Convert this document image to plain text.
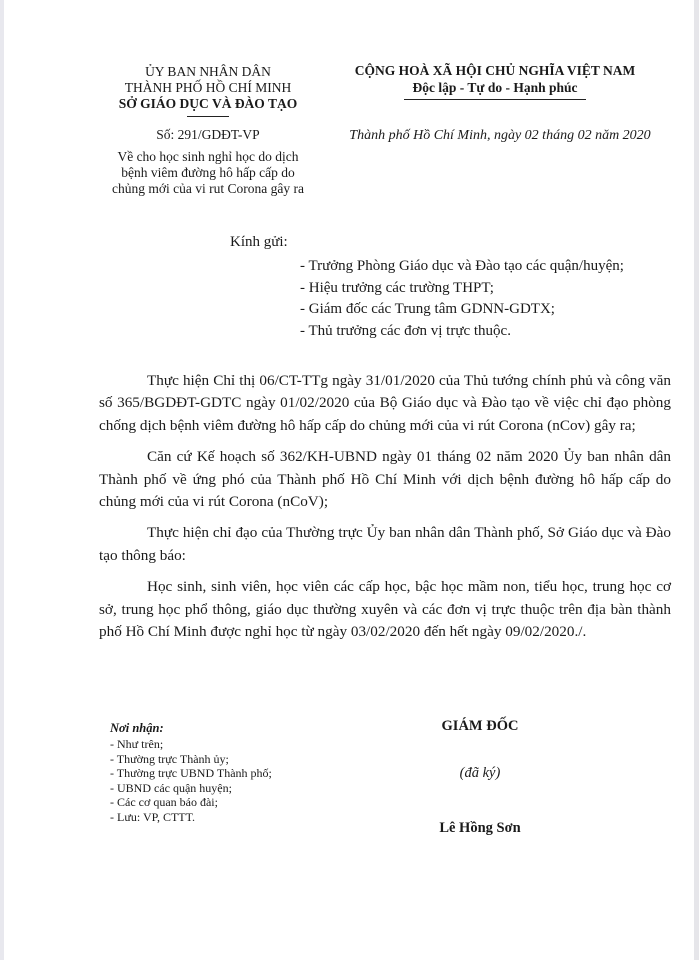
ỦY BAN NHÂN DÂN
THÀNH PHỐ HỒ CHÍ MINH
SỞ GIÁO DỤC VÀ ĐÀO TẠO
Số: 291/GDĐT-VP
Về cho học sinh nghỉ học do dịch
bệnh viêm đường hô hấp cấp do
chủng mới của vi rut Corona gây ra
CỘNG HOÀ XÃ HỘI CHỦ NGHĨA VIỆT NAM
Độc lập - Tự do - Hạnh phúc
Thành phố Hồ Chí Minh, ngày 02 tháng 02 năm 2020
Kính gửi:
- Trưởng Phòng Giáo dục và Đào tạo các quận/huyện;
- Hiệu trưởng các trường THPT;
- Giám đốc các Trung tâm GDNN-GDTX;
- Thủ trưởng các đơn vị trực thuộc.

Thực hiện Chỉ thị 06/CT-TTg ngày 31/01/2020 của Thủ tướng chính phủ và công văn số 365/BGDĐT-GDTC ngày 01/02/2020 của Bộ Giáo dục và Đào tạo về việc chỉ đạo phòng chống dịch bệnh viêm đường hô hấp cấp do chủng mới của vi rút Corona (nCov) gây ra;

Căn cứ Kế hoạch số 362/KH-UBND ngày 01 tháng 02 năm 2020 Ủy ban nhân dân Thành phố về ứng phó của Thành phố Hồ Chí Minh với dịch bệnh đường hô hấp cấp do chủng mới của vi rút Corona (nCoV);

Thực hiện chỉ đạo của Thường trực Ủy ban nhân dân Thành phố, Sở Giáo dục và Đào tạo thông báo:

Học sinh, sinh viên, học viên các cấp học, bậc học mầm non, tiểu học, trung học cơ sở, trung học phổ thông, giáo dục thường xuyên và các đơn vị trực thuộc trên địa bàn thành phố Hồ Chí Minh được nghỉ học từ ngày 03/02/2020 đến hết ngày 09/02/2020./.

Nơi nhận:
- Như trên;
- Thường trực Thành ủy;
- Thường trực UBND Thành phố;
- UBND các quận huyện;
- Các cơ quan báo đài;
- Lưu: VP, CTTT.
GIÁM ĐỐC
(đã ký)
Lê Hồng Sơn
